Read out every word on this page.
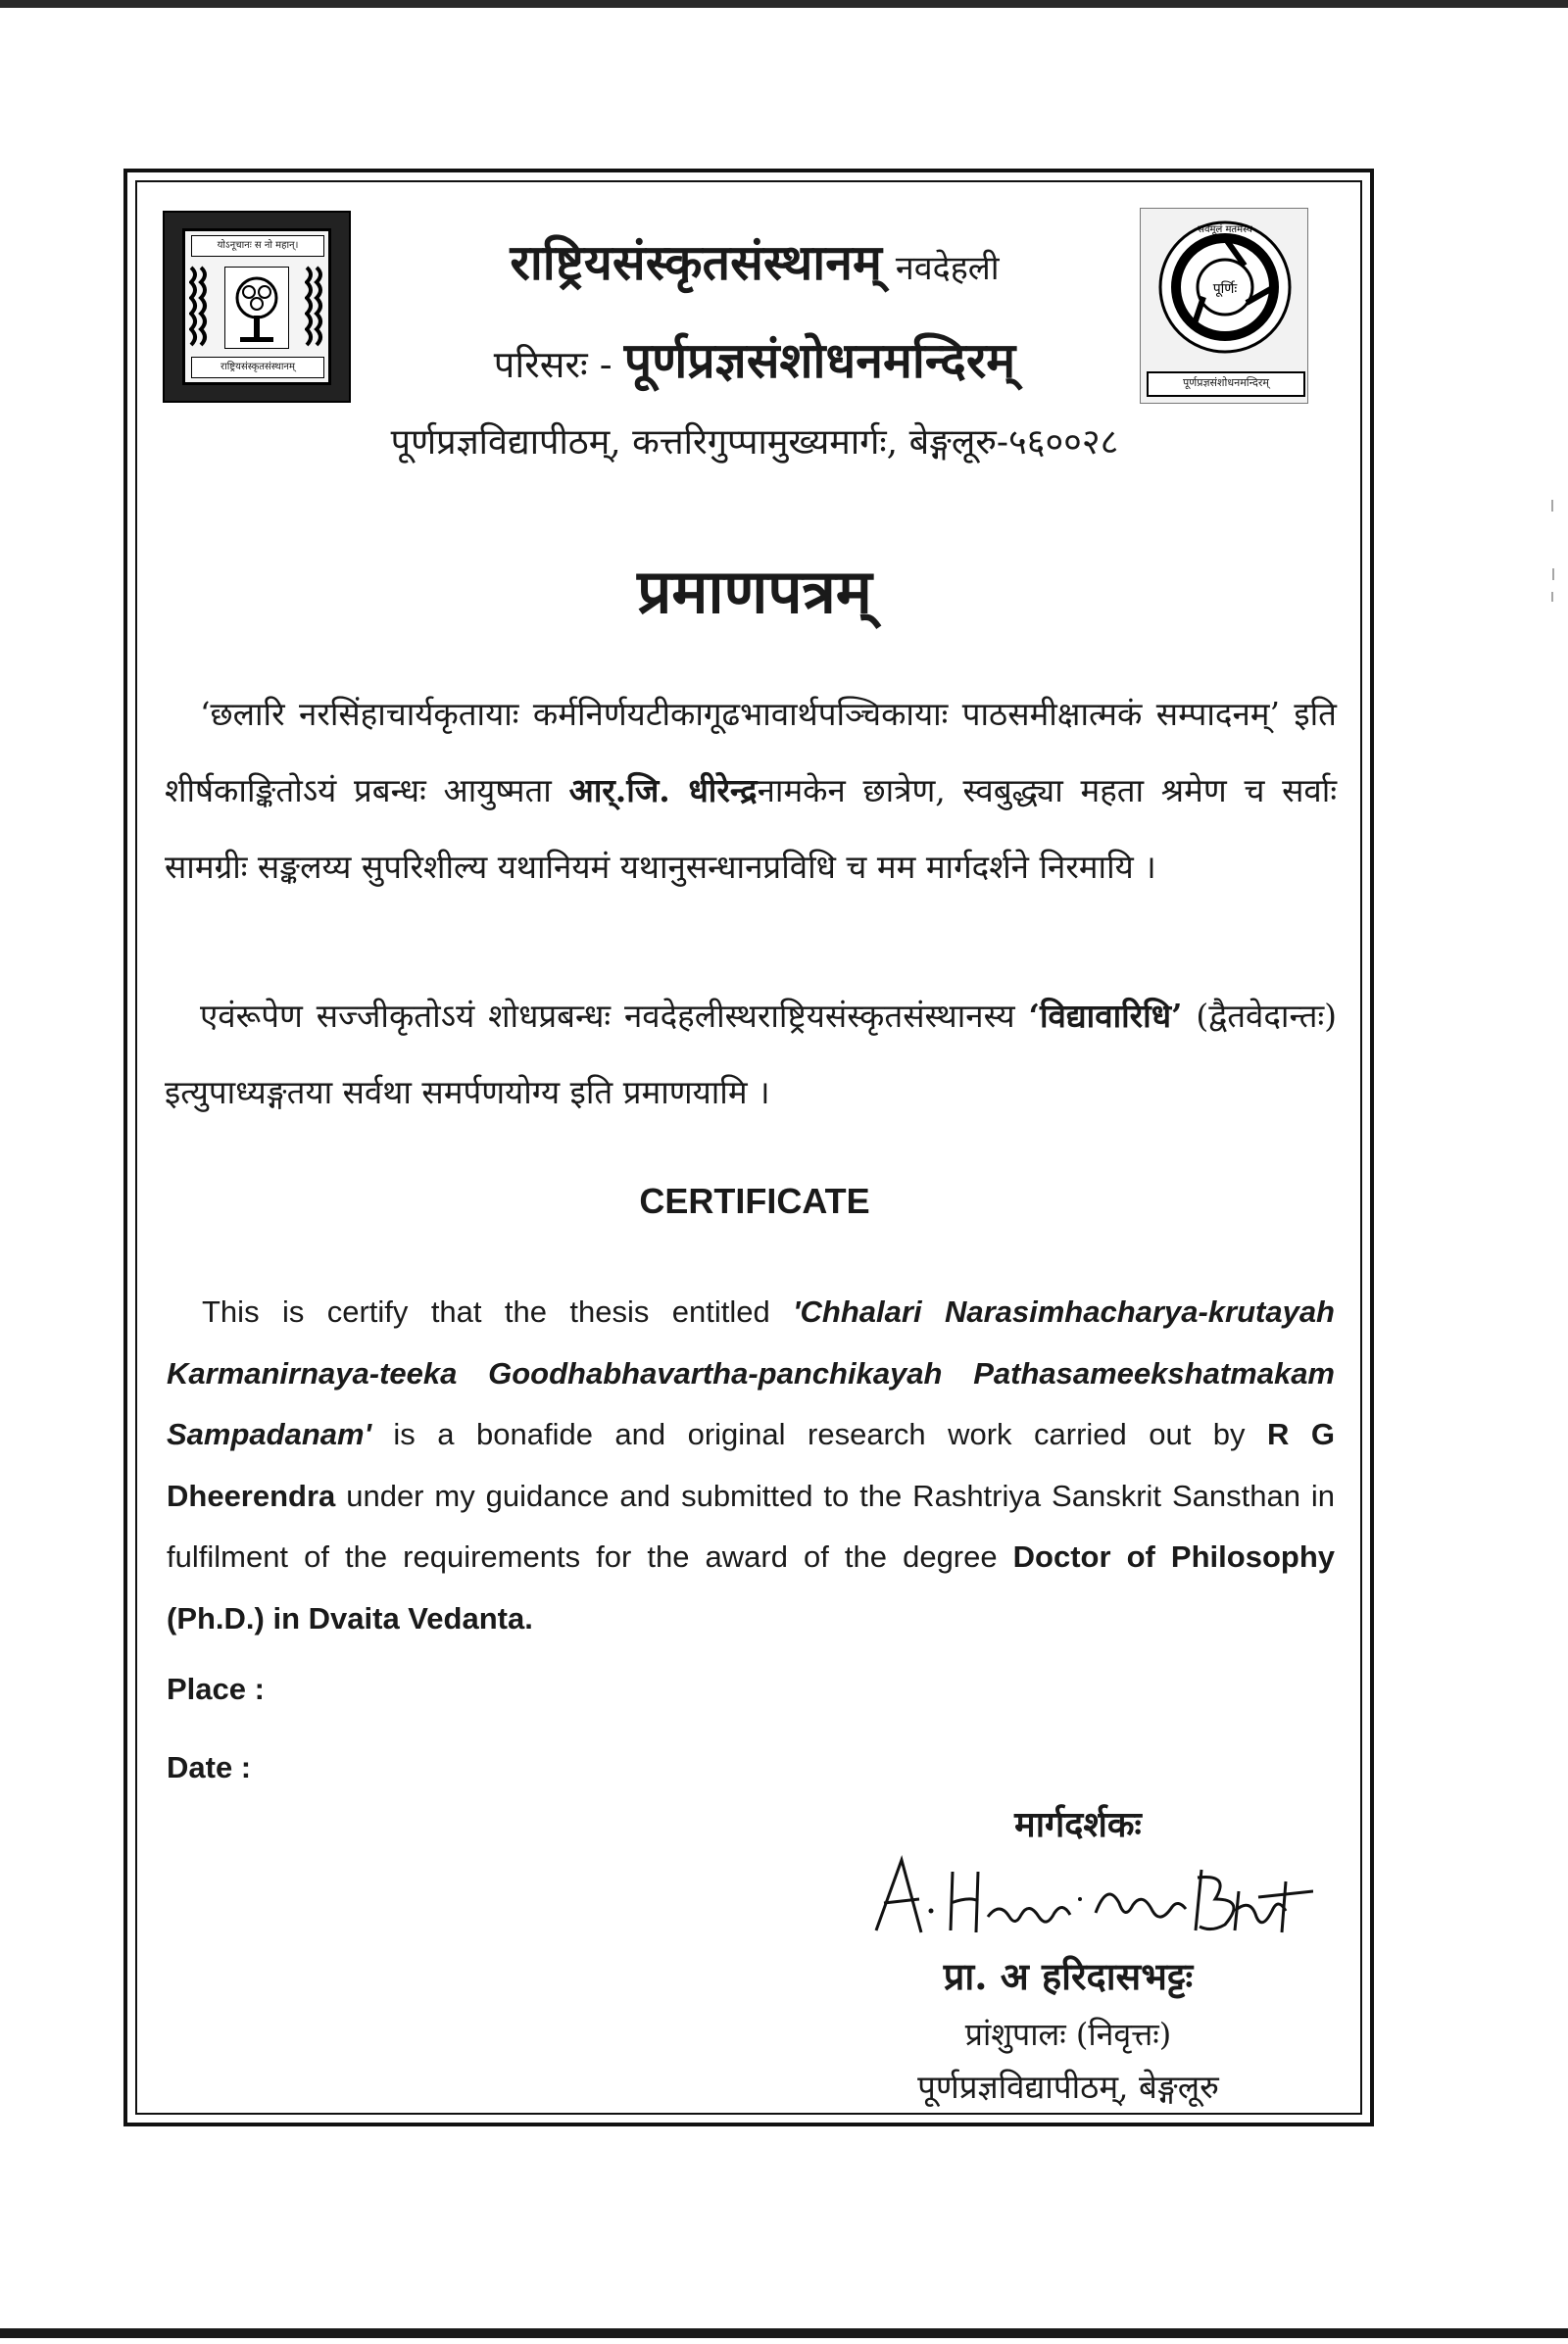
योऽनूचानः स नो महान्।
राष्ट्रियसंस्कृतसंस्थानम्
पूर्णिः
सर्वमूलं मतमस्य
पूर्णप्रज्ञसंशोधनमन्दिरम्
राष्ट्रियसंस्कृतसंस्थानम् नवदेहली
परिसरः - पूर्णप्रज्ञसंशोधनमन्दिरम्
पूर्णप्रज्ञविद्यापीठम्, कत्तरिगुप्पामुख्यमार्गः, बेङ्गलूरु-५६००२८
प्रमाणपत्रम्
‘छलारि नरसिंहाचार्यकृतायाः कर्मनिर्णयटीकागूढभावार्थपञ्चिकायाः पाठसमीक्षात्मकं सम्पादनम्’ इति शीर्षकाङ्कितोऽयं प्रबन्धः आयुष्मता आर्.जि. धीरेन्द्रनामकेन छात्रेण, स्वबुद्ध्या महता श्रमेण च सर्वाः सामग्रीः सङ्कलय्य सुपरिशील्य यथानियमं यथानुसन्धानप्रविधि च मम मार्गदर्शने निरमायि ।
एवंरूपेण सज्जीकृतोऽयं शोधप्रबन्धः नवदेहलीस्थराष्ट्रियसंस्कृतसंस्थानस्य ‘विद्यावारिधि’ (द्वैतवेदान्तः) इत्युपाध्यङ्गतया सर्वथा समर्पणयोग्य इति प्रमाणयामि ।
CERTIFICATE
This is certify that the thesis entitled 'Chhalari Narasimhacharya-krutayah Karmanirnaya-teeka Goodhabhavartha-panchikayah Pathasameekshatmakam Sampadanam' is a bonafide and original research work carried out by R G Dheerendra under my guidance and submitted to the Rashtriya Sanskrit Sansthan in fulfilment of the requirements for the award of the degree Doctor of Philosophy (Ph.D.) in Dvaita Vedanta.
Place :
Date :
मार्गदर्शकः
प्रा. अ हरिदासभट्टः
प्रांशुपालः (निवृत्तः)
पूर्णप्रज्ञविद्यापीठम्, बेङ्गलूरु
